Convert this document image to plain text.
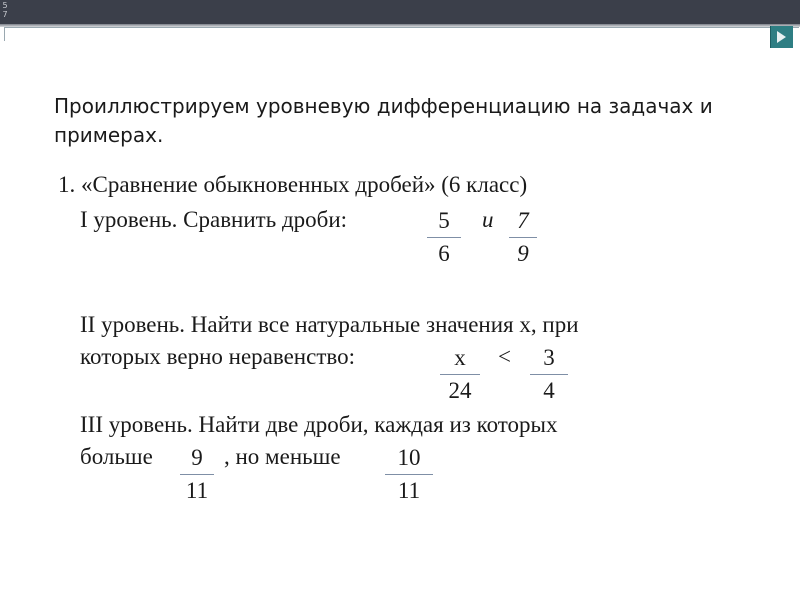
5
7
Проиллюстрируем уровневую дифференциацию на задачах и примерах.
1. «Сравнение обыкновенных дробей» (6 класс)
I уровень. Сравнить дроби:	5
6
и	7
9
II уровень. Найти все натуральные значения х, при
которых верно неравенство:	х
24
<	3
4
III уровень. Найти две дроби, каждая из которых
больше	9
11
, но меньше	10
11
